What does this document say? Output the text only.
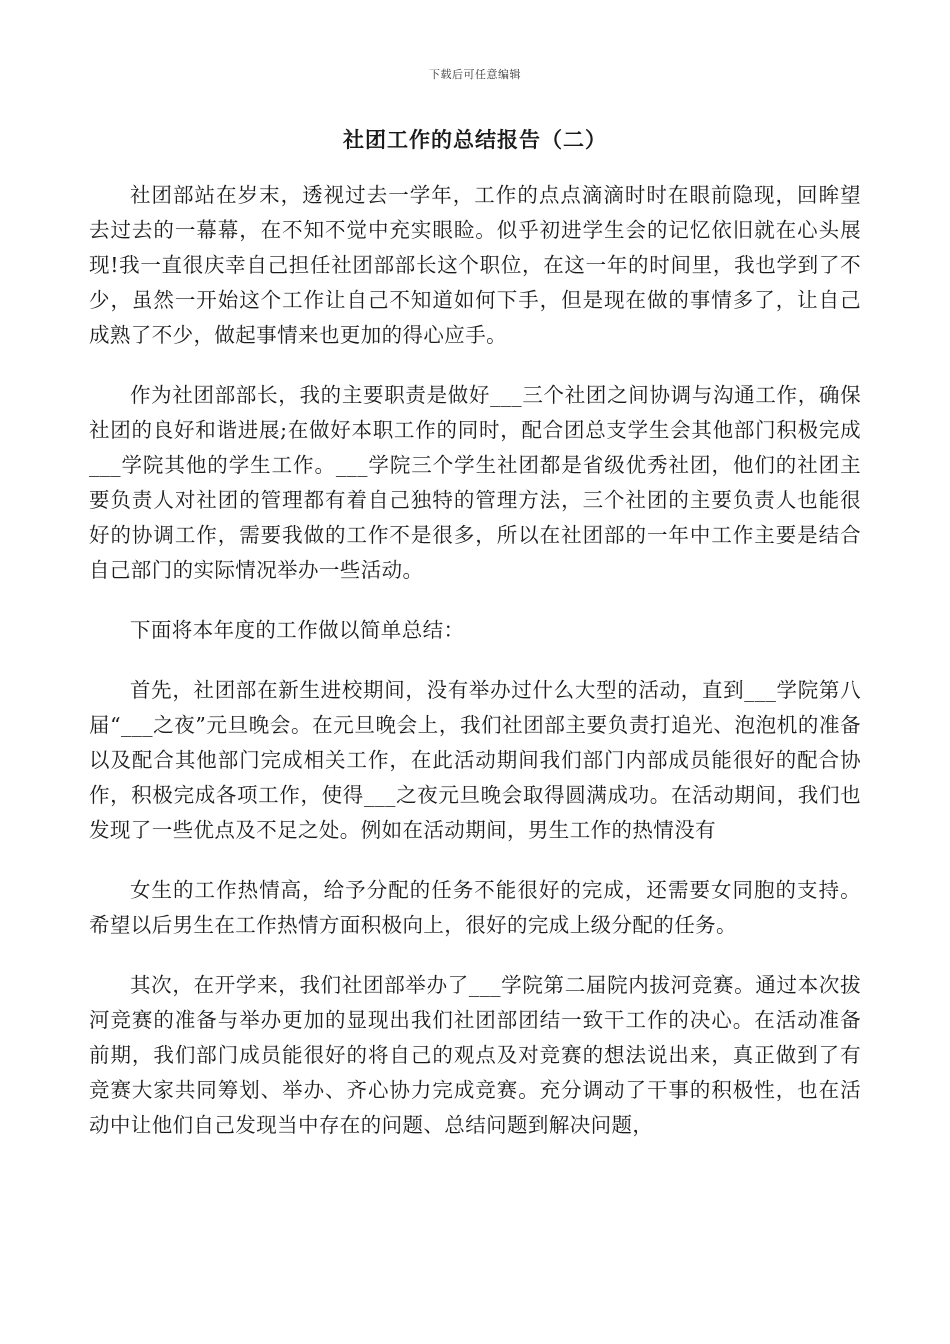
下载后可任意编辑
社团工作的总结报告（二）

社团部站在岁末，透视过去一学年，工作的点点滴滴时时在眼前隐现，回眸望去过去的一幕幕，在不知不觉中充实眼睑。似乎初进学生会的记忆依旧就在心头展现!我一直很庆幸自己担任社团部部长这个职位，在这一年的时间里，我也学到了不少，虽然一开始这个工作让自己不知道如何下手，但是现在做的事情多了，让自己成熟了不少，做起事情来也更加的得心应手。

作为社团部部长，我的主要职责是做好___三个社团之间协调与沟通工作，确保社团的良好和谐进展;在做好本职工作的同时，配合团总支学生会其他部门积极完成___学院其他的学生工作。___学院三个学生社团都是省级优秀社团，他们的社团主要负责人对社团的管理都有着自己独特的管理方法，三个社团的主要负责人也能很好的协调工作，需要我做的工作不是很多，所以在社团部的一年中工作主要是结合自己部门的实际情况举办一些活动。

下面将本年度的工作做以简单总结：

首先，社团部在新生进校期间，没有举办过什么大型的活动，直到___学院第八届“___之夜”元旦晚会。在元旦晚会上，我们社团部主要负责打追光、泡泡机的准备以及配合其他部门完成相关工作，在此活动期间我们部门内部成员能很好的配合协作，积极完成各项工作，使得___之夜元旦晚会取得圆满成功。在活动期间，我们也发现了一些优点及不足之处。例如在活动期间，男生工作的热情没有

女生的工作热情高，给予分配的任务不能很好的完成，还需要女同胞的支持。希望以后男生在工作热情方面积极向上，很好的完成上级分配的任务。

其次，在开学来，我们社团部举办了___学院第二届院内拔河竞赛。通过本次拔河竞赛的准备与举办更加的显现出我们社团部团结一致干工作的决心。在活动准备前期，我们部门成员能很好的将自己的观点及对竞赛的想法说出来，真正做到了有竞赛大家共同筹划、举办、齐心协力完成竞赛。充分调动了干事的积极性，也在活动中让他们自己发现当中存在的问题、总结问题到解决问题，
